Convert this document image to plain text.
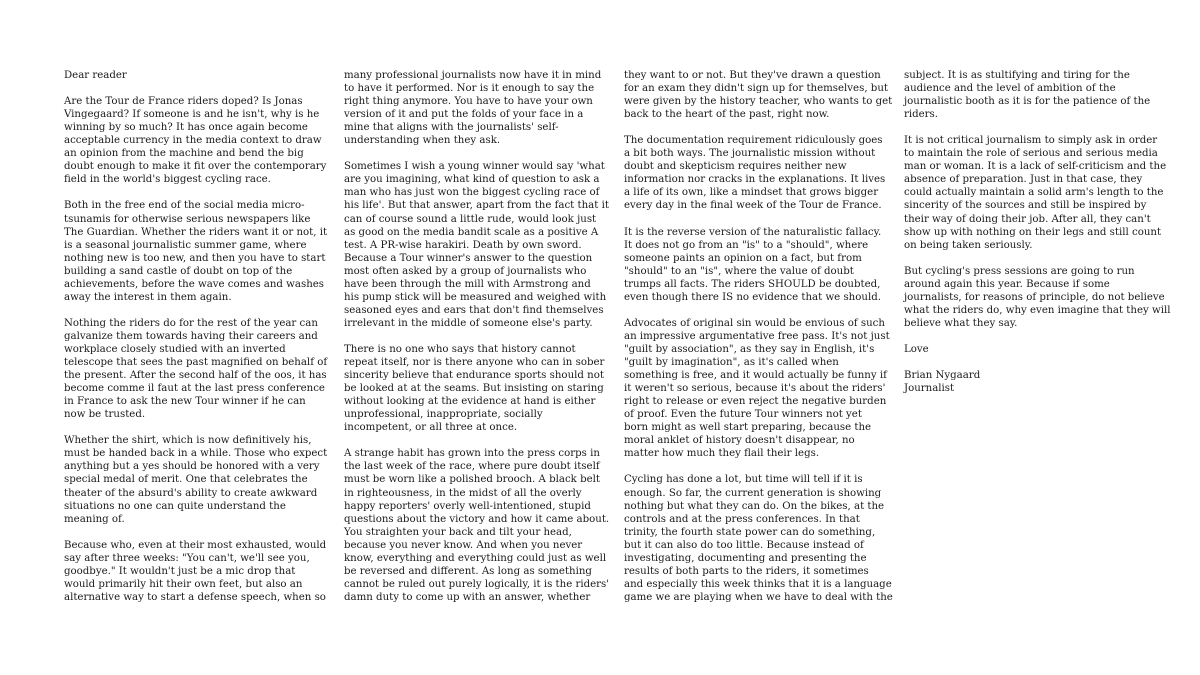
Dear reader
Are the Tour de France riders doped? Is Jonas
Vingegaard? If someone is and he isn't, why is he
winning by so much? It has once again become
acceptable currency in the media context to draw
an opinion from the machine and bend the big
doubt enough to make it fit over the contemporary
field in the world's biggest cycling race.
Both in the free end of the social media micro-
tsunamis for otherwise serious newspapers like
The Guardian. Whether the riders want it or not, it
is a seasonal journalistic summer game, where
nothing new is too new, and then you have to start
building a sand castle of doubt on top of the
achievements, before the wave comes and washes
away the interest in them again.
Nothing the riders do for the rest of the year can
galvanize them towards having their careers and
workplace closely studied with an inverted
telescope that sees the past magnified on behalf of
the present. After the second half of the oos, it has
become comme il faut at the last press conference
in France to ask the new Tour winner if he can
now be trusted.
Whether the shirt, which is now definitively his,
must be handed back in a while. Those who expect
anything but a yes should be honored with a very
special medal of merit. One that celebrates the
theater of the absurd's ability to create awkward
situations no one can quite understand the
meaning of.
Because who, even at their most exhausted, would
say after three weeks: "You can't, we'll see you,
goodbye." It wouldn't just be a mic drop that
would primarily hit their own feet, but also an
alternative way to start a defense speech, when so
many professional journalists now have it in mind
to have it performed. Nor is it enough to say the
right thing anymore. You have to have your own
version of it and put the folds of your face in a
mine that aligns with the journalists' self-
understanding when they ask.
Sometimes I wish a young winner would say 'what
are you imagining, what kind of question to ask a
man who has just won the biggest cycling race of
his life'. But that answer, apart from the fact that it
can of course sound a little rude, would look just
as good on the media bandit scale as a positive A
test. A PR-wise harakiri. Death by own sword.
Because a Tour winner's answer to the question
most often asked by a group of journalists who
have been through the mill with Armstrong and
his pump stick will be measured and weighed with
seasoned eyes and ears that don't find themselves
irrelevant in the middle of someone else's party.
There is no one who says that history cannot
repeat itself, nor is there anyone who can in sober
sincerity believe that endurance sports should not
be looked at at the seams. But insisting on staring
without looking at the evidence at hand is either
unprofessional, inappropriate, socially
incompetent, or all three at once.
A strange habit has grown into the press corps in
the last week of the race, where pure doubt itself
must be worn like a polished brooch. A black belt
in righteousness, in the midst of all the overly
happy reporters' overly well-intentioned, stupid
questions about the victory and how it came about.
You straighten your back and tilt your head,
because you never know. And when you never
know, everything and everything could just as well
be reversed and different. As long as something
cannot be ruled out purely logically, it is the riders'
damn duty to come up with an answer, whether
they want to or not. But they've drawn a question
for an exam they didn't sign up for themselves, but
were given by the history teacher, who wants to get
back to the heart of the past, right now.
The documentation requirement ridiculously goes
a bit both ways. The journalistic mission without
doubt and skepticism requires neither new
information nor cracks in the explanations. It lives
a life of its own, like a mindset that grows bigger
every day in the final week of the Tour de France.
It is the reverse version of the naturalistic fallacy.
It does not go from an "is" to a "should", where
someone paints an opinion on a fact, but from
"should" to an "is", where the value of doubt
trumps all facts. The riders SHOULD be doubted,
even though there IS no evidence that we should.
Advocates of original sin would be envious of such
an impressive argumentative free pass. It's not just
"guilt by association", as they say in English, it's
"guilt by imagination", as it's called when
something is free, and it would actually be funny if
it weren't so serious, because it's about the riders'
right to release or even reject the negative burden
of proof. Even the future Tour winners not yet
born might as well start preparing, because the
moral anklet of history doesn't disappear, no
matter how much they flail their legs.
Cycling has done a lot, but time will tell if it is
enough. So far, the current generation is showing
nothing but what they can do. On the bikes, at the
controls and at the press conferences. In that
trinity, the fourth state power can do something,
but it can also do too little. Because instead of
investigating, documenting and presenting the
results of both parts to the riders, it sometimes
and especially this week thinks that it is a language
game we are playing when we have to deal with the
subject. It is as stultifying and tiring for the
audience and the level of ambition of the
journalistic booth as it is for the patience of the
riders.
It is not critical journalism to simply ask in order
to maintain the role of serious and serious media
man or woman. It is a lack of self-criticism and the
absence of preparation. Just in that case, they
could actually maintain a solid arm's length to the
sincerity of the sources and still be inspired by
their way of doing their job. After all, they can't
show up with nothing on their legs and still count
on being taken seriously.
But cycling's press sessions are going to run
around again this year. Because if some
journalists, for reasons of principle, do not believe
what the riders do, why even imagine that they will
believe what they say.
Love
Brian Nygaard
Journalist
